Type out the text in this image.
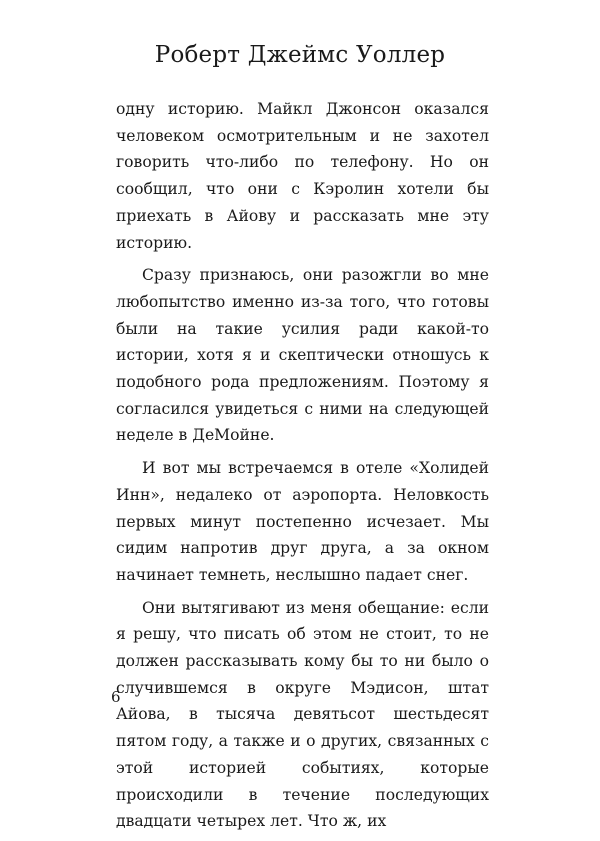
Роберт Джеймс Уоллер

одну историю. Майкл Джонсон оказался человеком осмотрительным и не захотел говорить что-либо по телефону. Но он сообщил, что они с Кэролин хотели бы приехать в Айову и рассказать мне эту историю.

Сразу признаюсь, они разожгли во мне любопытство именно из-за того, что готовы были на такие усилия ради какой-то истории, хотя я и скептически отношусь к подобного рода предложениям. Поэтому я согласился увидеться с ними на следующей неделе в ДеМойне.

И вот мы встречаемся в отеле «Холидей Инн», недалеко от аэропорта. Неловкость первых минут постепенно исчезает. Мы сидим напротив друг друга, а за окном начинает темнеть, неслышно падает снег.

Они вытягивают из меня обещание: если я решу, что писать об этом не стоит, то не должен рассказывать кому бы то ни было о случившемся в округе Мэдисон, штат Айова, в тысяча девятьсот шестьдесят пятом году, а также и о других, связанных с этой историей событиях, которые происходили в течение последующих двадцати четырех лет. Что ж, их

6
